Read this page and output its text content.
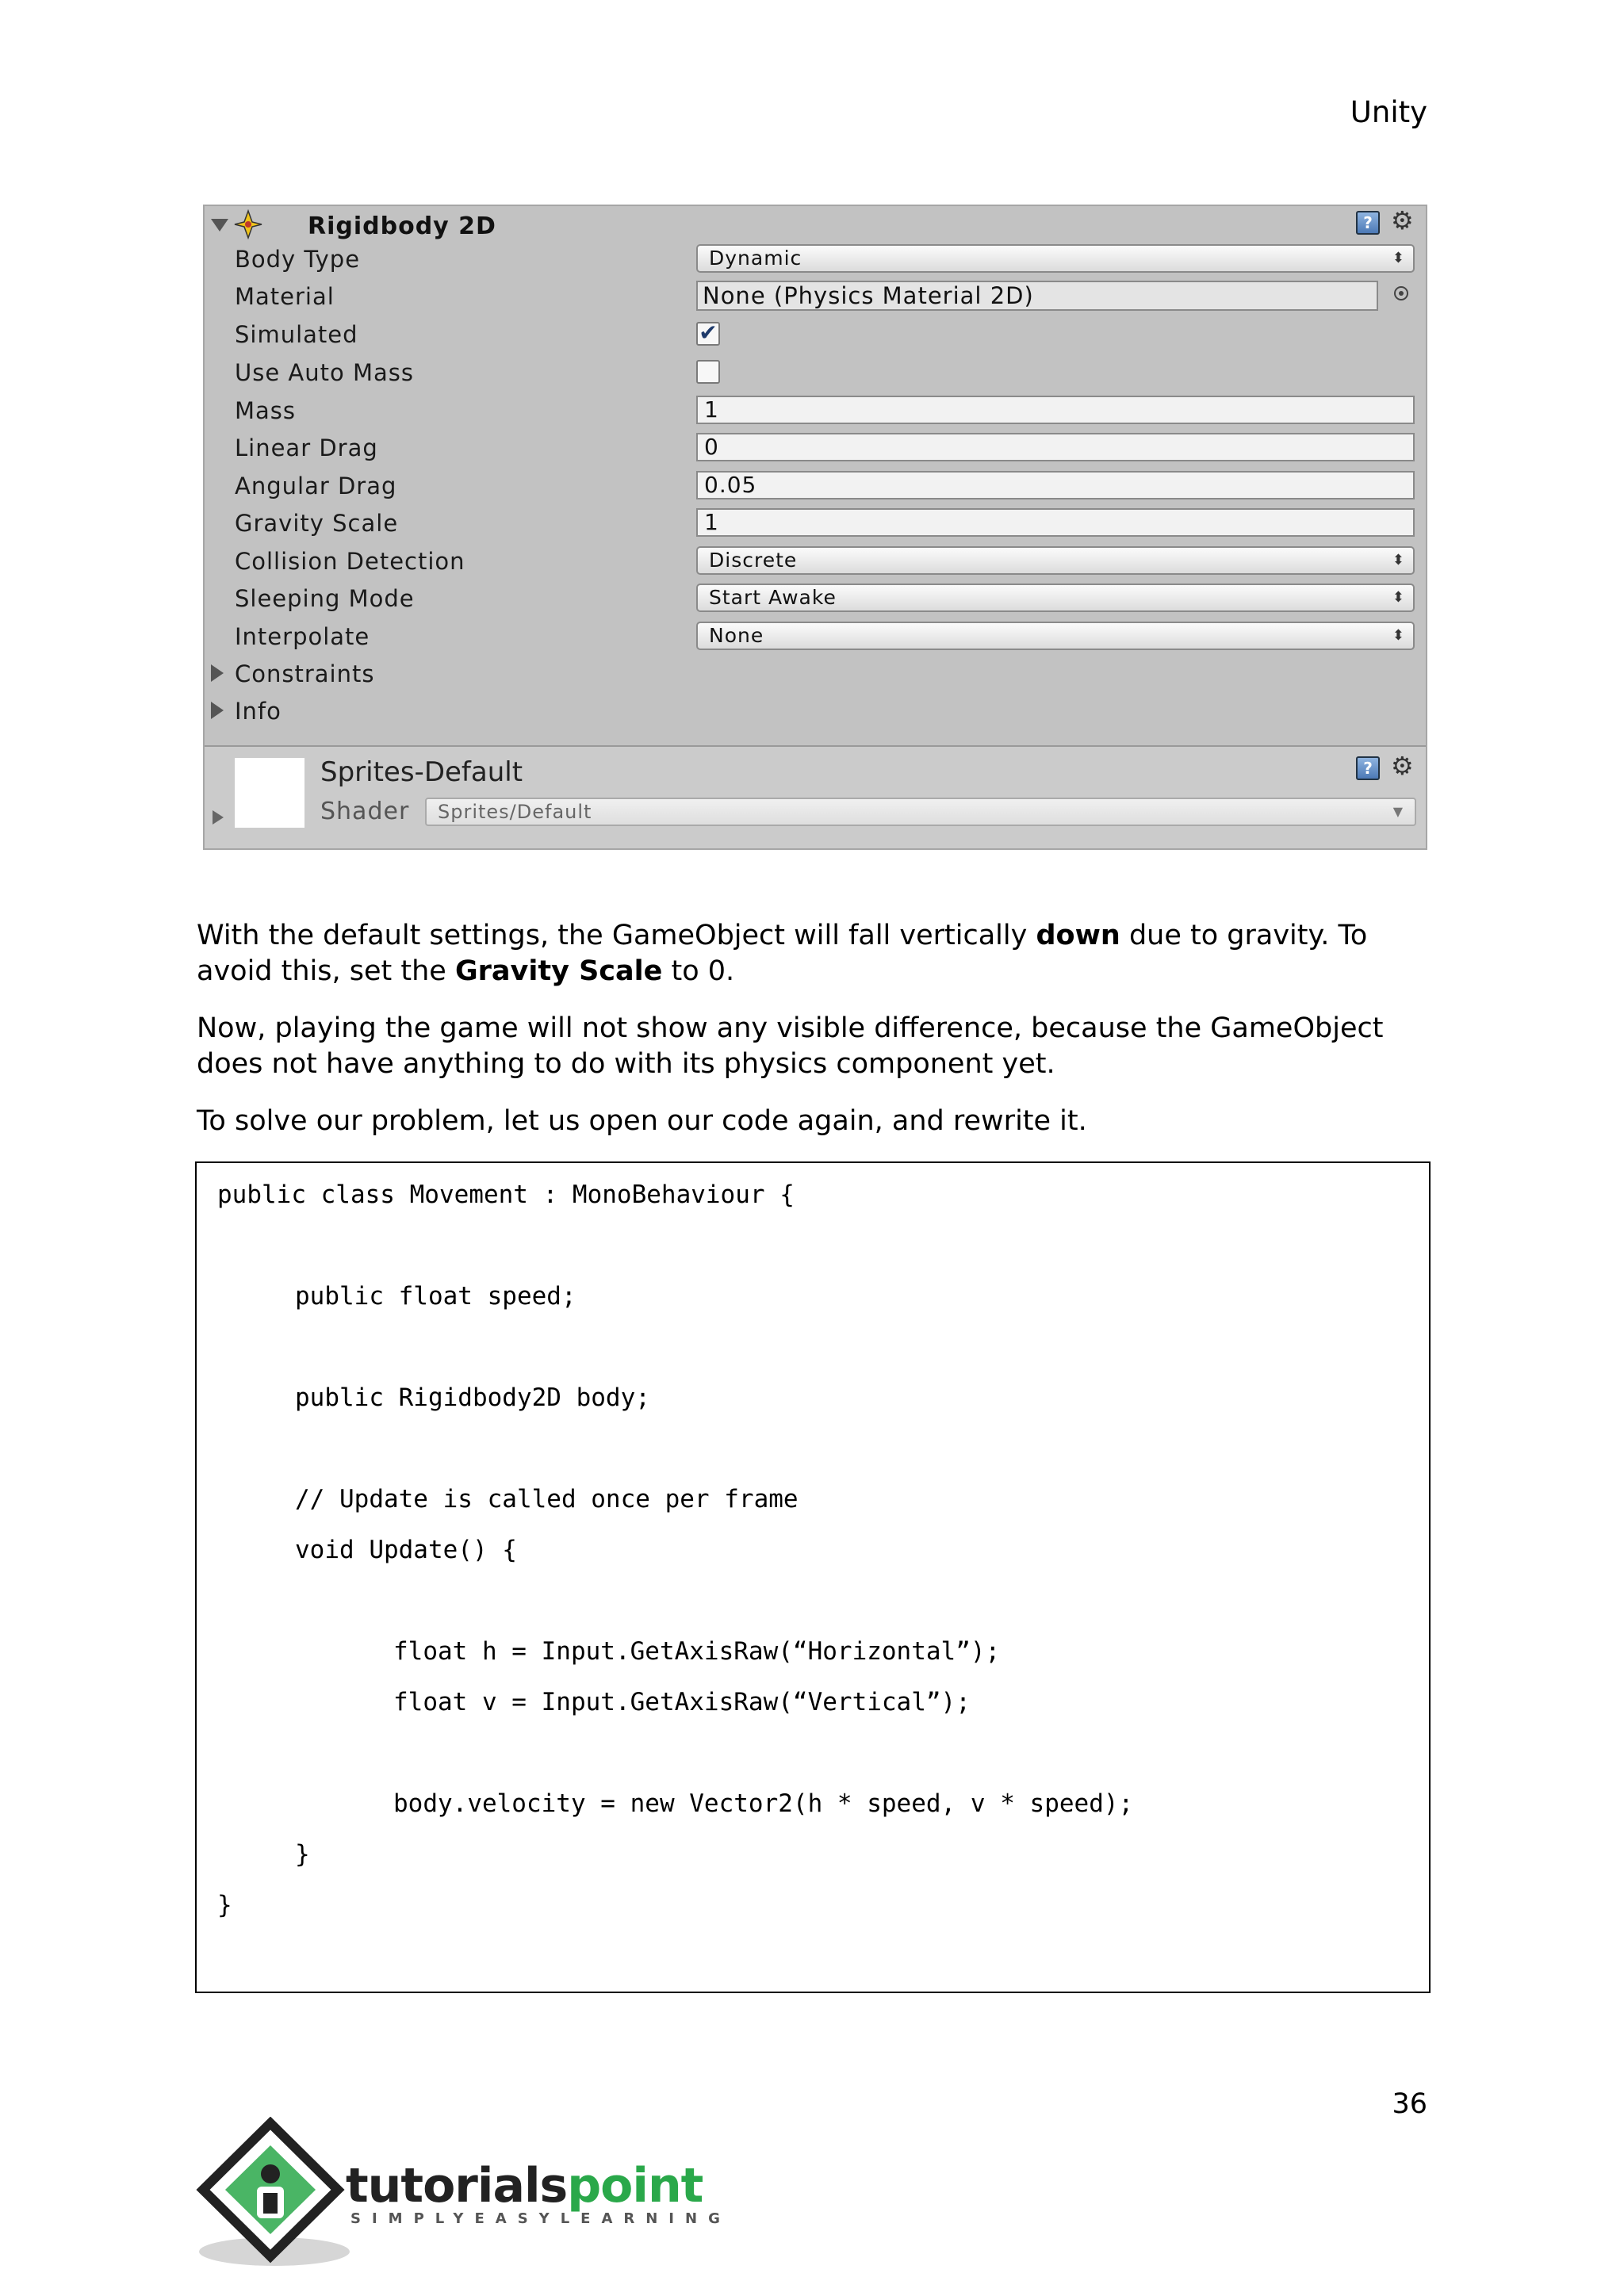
Unity
Rigidbody 2D	? ⚙
Body Type	Dynamic	⬍
Material	None (Physics Material 2D)
Simulated	✔
Use Auto Mass
Mass	1
Linear Drag	0
Angular Drag	0.05
Gravity Scale	1
Collision Detection	Discrete	⬍
Sleeping Mode	Start Awake	⬍
Interpolate	None	⬍
Constraints
Info
Sprites-Default	? ⚙
Shader	Sprites/Default	▼
With the default settings, the GameObject will fall vertically down due to gravity. To avoid this, set the Gravity Scale to 0.
Now, playing the game will not show any visible difference, because the GameObject does not have anything to do with its physics component yet.
To solve our problem, let us open our code again, and rewrite it.
public class Movement : MonoBehaviour {
public float speed;
public Rigidbody2D body;
// Update is called once per frame
void Update() {
float h = Input.GetAxisRaw(“Horizontal”);
float v = Input.GetAxisRaw(“Vertical”);
body.velocity = new Vector2(h * speed, v * speed);
}
}
36
tutorialspoint
SIMPLYEASYLEARNING
